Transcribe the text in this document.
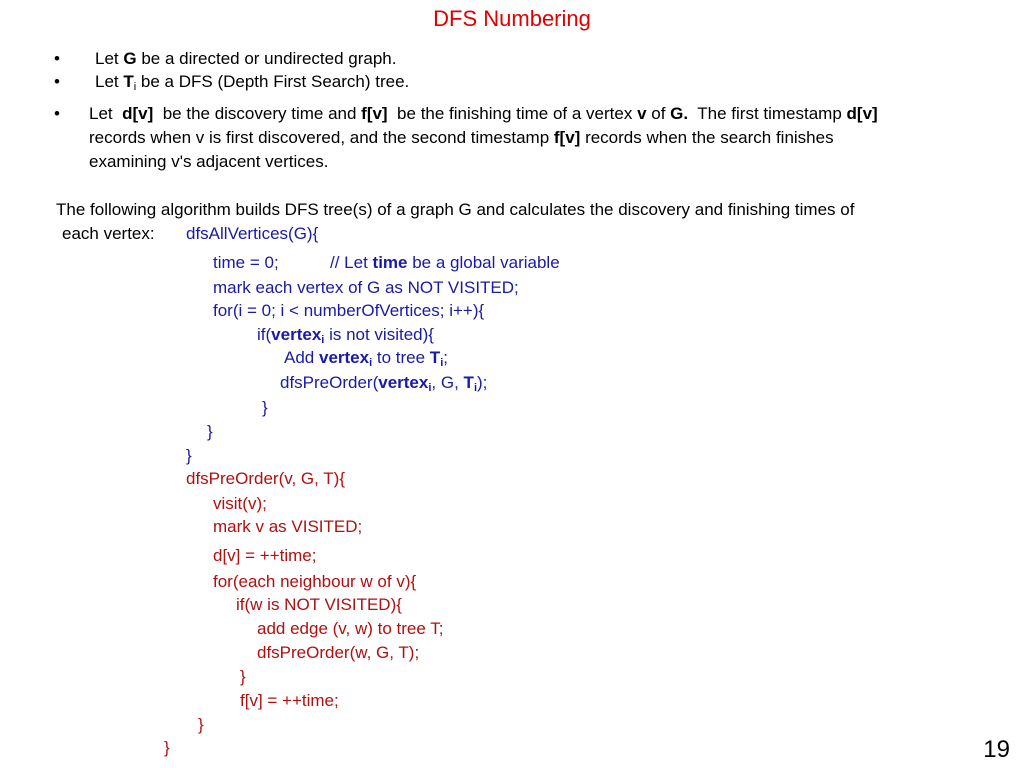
DFS Numbering
• Let G be a directed or undirected graph.
• Let $T_i$ be a DFS (Depth First Search) tree.
• Let  d[v]  be the discovery time and f[v]  be the finishing time of a vertex v of G.  The first timestamp d[v]
records when v is first discovered, and the second timestamp f[v] records when the search finishes
examining v's adjacent vertices.
The following algorithm builds DFS tree(s) of a graph G and calculates the discovery and finishing times of
each vertex: dfsAllVertices(G){
time = 0;	// Let time be a global variable
mark each vertex of G as NOT VISITED;
for(i = 0; i < numberOfVertices; i++){
if(vertex$_i$ is not visited){
Add vertex$_i$ to tree $T_i$;
dfsPreOrder(vertex$_i$, G, $T_i$);
}
}
}
dfsPreOrder(v, G, T){
visit(v);
mark v as VISITED;
d[v] = ++time;
for(each neighbour w of v){
if(w is NOT VISITED){
add edge (v, w) to tree T;
dfsPreOrder(w, G, T);
}
f[v] = ++time;
}
}	19
